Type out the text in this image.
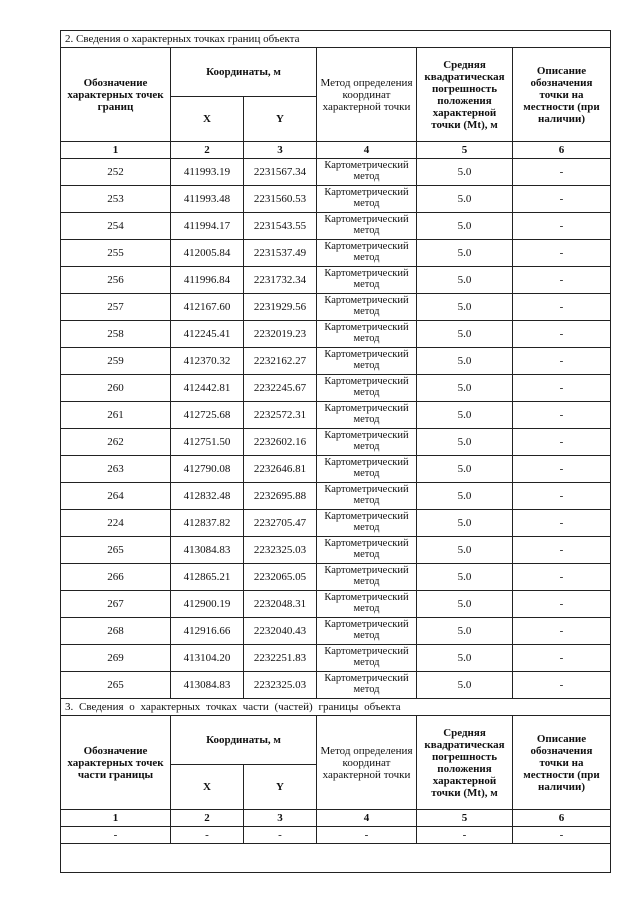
2. Сведения о характерных точках границ объекта					
Обозначение характерных точек границ	Координаты, м		Метод определения координат характерной точки	Средняя квадратическая погрешность положения характерной точки (Mt), м	Описание обозначения точки на местности (при наличии)
	X	Y			
1	2	3	4	5	6
252	411993.19	2231567.34	Картометрический метод	5.0	-
253	411993.48	2231560.53	Картометрический метод	5.0	-
254	411994.17	2231543.55	Картометрический метод	5.0	-
255	412005.84	2231537.49	Картометрический метод	5.0	-
256	411996.84	2231732.34	Картометрический метод	5.0	-
257	412167.60	2231929.56	Картометрический метод	5.0	-
258	412245.41	2232019.23	Картометрический метод	5.0	-
259	412370.32	2232162.27	Картометрический метод	5.0	-
260	412442.81	2232245.67	Картометрический метод	5.0	-
261	412725.68	2232572.31	Картометрический метод	5.0	-
262	412751.50	2232602.16	Картометрический метод	5.0	-
263	412790.08	2232646.81	Картометрический метод	5.0	-
264	412832.48	2232695.88	Картометрический метод	5.0	-
224	412837.82	2232705.47	Картометрический метод	5.0	-
265	413084.83	2232325.03	Картометрический метод	5.0	-
266	412865.21	2232065.05	Картометрический метод	5.0	-
267	412900.19	2232048.31	Картометрический метод	5.0	-
268	412916.66	2232040.43	Картометрический метод	5.0	-
269	413104.20	2232251.83	Картометрический метод	5.0	-
265	413084.83	2232325.03	Картометрический метод	5.0	-
3. Сведения о характерных точках части (частей) границы объекта					
Обозначение характерных точек части границы	Координаты, м		Метод определения координат характерной точки	Средняя квадратическая погрешность положения характерной точки (Mt), м	Описание обозначения точки на местности (при наличии)
	X	Y			
1	2	3	4	5	6
-	-	-	-	-	-
